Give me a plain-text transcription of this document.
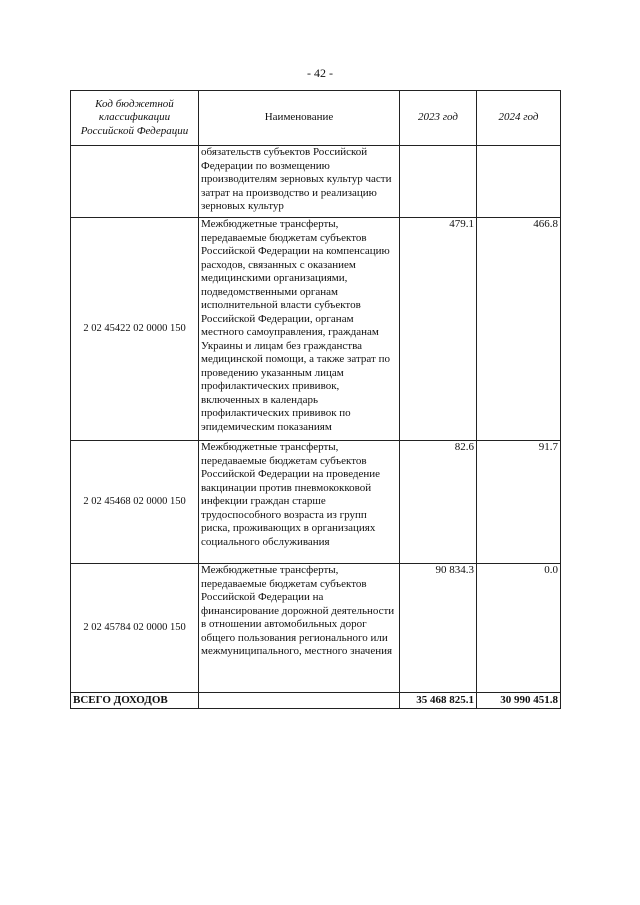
- 42 -
Код бюджетной классификации Российской Федерации	Наименование	2023 год	2024 год
	обязательств субъектов Российской Федерации по возмещению производителям зерновых культур части затрат на производство и реализацию зерновых культур		
2 02 45422 02 0000 150	Межбюджетные трансферты, передаваемые бюджетам субъектов Российской Федерации на компенсацию расходов, связанных с оказанием медицинскими организациями, подведомственными органам исполнительной власти субъектов Российской Федерации, органам местного самоуправления, гражданам Украины и лицам без гражданства медицинской помощи, а также затрат по проведению указанным лицам профилактических прививок, включенных в календарь профилактических прививок по эпидемическим показаниям	479.1	466.8
2 02 45468 02 0000 150	Межбюджетные трансферты, передаваемые бюджетам субъектов Российской Федерации на проведение вакцинации против пневмококковой инфекции граждан старше трудоспособного возраста из групп риска, проживающих в организациях социального обслуживания	82.6	91.7
2 02 45784 02 0000 150	Межбюджетные трансферты, передаваемые бюджетам субъектов Российской Федерации на финансирование дорожной деятельности в отношении автомобильных дорог общего пользования регионального или межмуниципального, местного значения	90 834.3	0.0
ВСЕГО ДОХОДОВ		35 468 825.1	30 990 451.8
